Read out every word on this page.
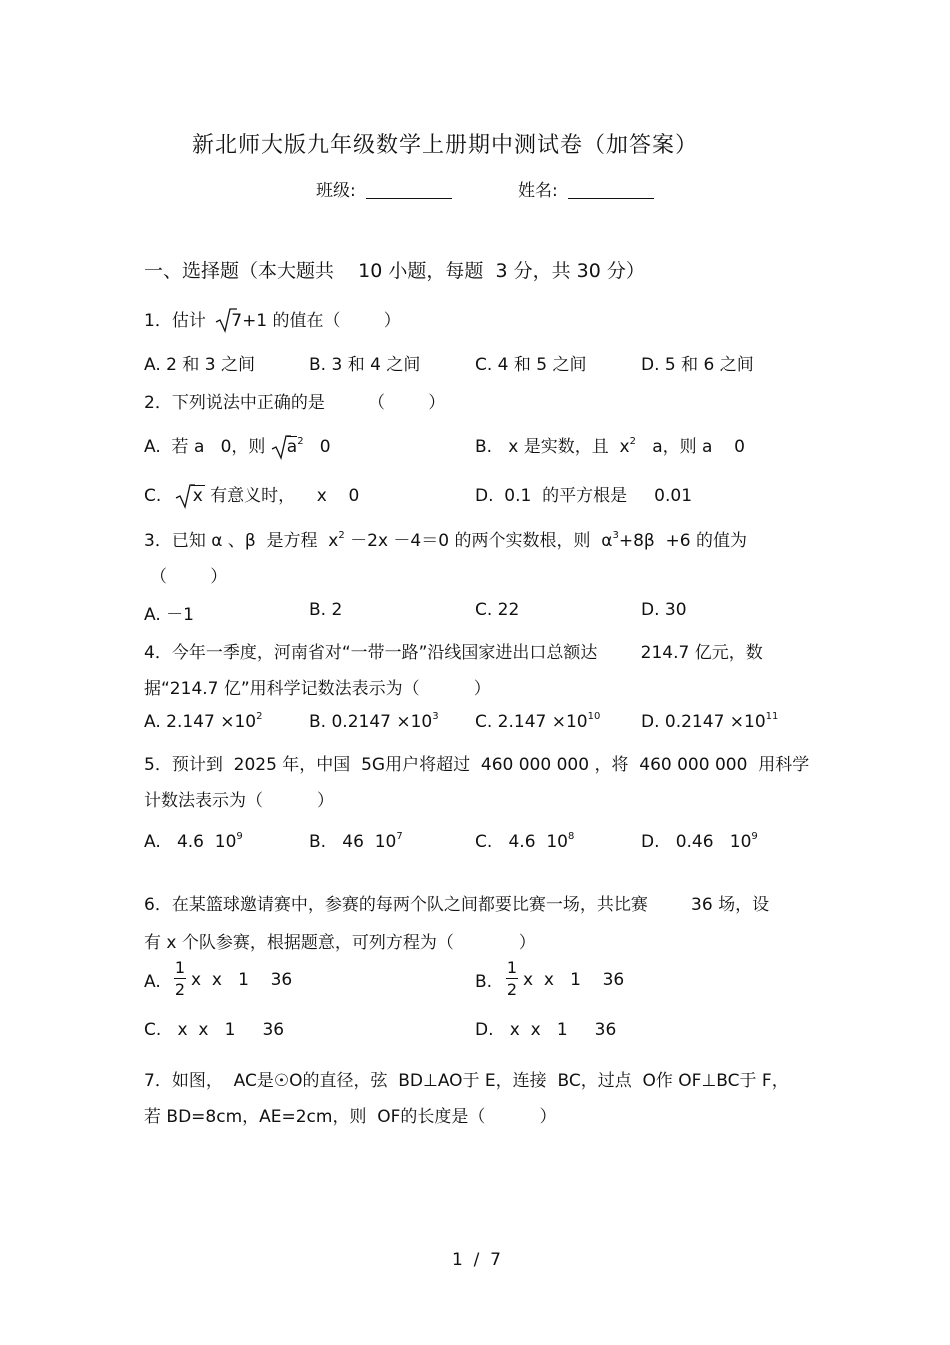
新北师大版九年级数学上册期中测试卷（加答案）
班级:	姓名:
一、选择题（本大题共    10 小题，每题  3 分，共 30 分）
1．估计 7+1 的值在（        ）
A. 2 和 3 之间	B. 3 和 4 之间	C. 4 和 5 之间	D. 5 和 6 之间
2．下列说法中正确的是        （        ）
A.  若 a   0，则 $a^2$   0	B.   x 是实数，且  $x^2$   a，则 a    0
C. x 有意义时，    x    0	D.  0.1  的平方根是     0.01
3．已知 α 、β  是方程  $x^2 -2x -4=0$ 的两个实数根，则  $\alpha^3+8\beta +6$ 的值为
（        ）
A. －1	B. 2	C. 22	D. 30
4．今年一季度，河南省对“一带一路”沿线国家进出口总额达        214.7 亿元，数
据“214.7 亿”用科学记数法表示为（          ）
A. $2.147 \times 10^2$	B. $0.2147 \times 10^3$ C. $2.147 \times 10^{10}$ D. $0.2147 \times 10^{11}$
5．预计到  2025 年，中国  5G用户将超过  460 000 000 ，将  460 000 000  用科学
计数法表示为（          ）
A.   4.6  $10^9$	B.   46  $10^7$	C.   4.6  $10^8$	D.   0.46   $10^9$
6．在某篮球邀请赛中，参赛的每两个队之间都要比赛一场，共比赛        36 场，设
有 x 个队参赛，根据题意，可列方程为（            ）
A.
1
2 x  x   1    36	B.
1
2 x  x   1    36
C.   x  x   1     36	D.   x  x   1     36
7．如图，  AC是☉O的直径，弦  BD⊥AO于 E，连接  BC，过点  O作 OF⊥BC于 F，
若 BD=8cm，AE=2cm，则  OF的长度是（          ）
1  /  7
